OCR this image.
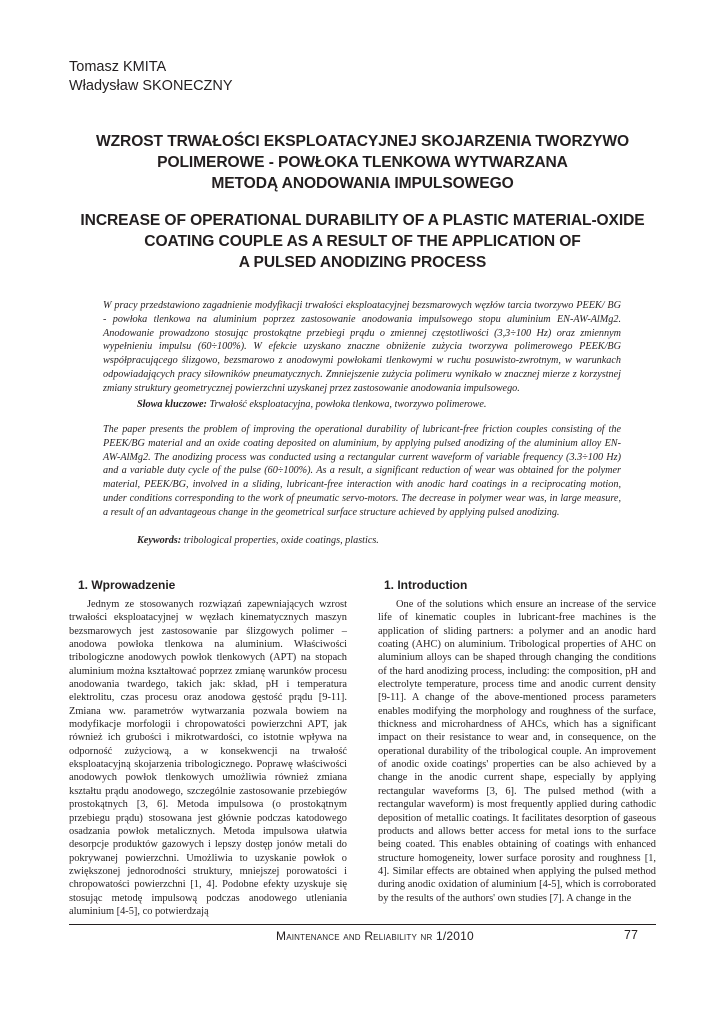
Tomasz KMITA
Władysław SKONECZNY
WZROST TRWAŁOŚCI EKSPLOATACYJNEJ SKOJARZENIA TWORZYWO
POLIMEROWE - POWŁOKA TLENKOWA WYTWARZANA
METODĄ ANODOWANIA IMPULSOWEGO
INCREASE OF OPERATIONAL DURABILITY OF A PLASTIC MATERIAL-OXIDE
COATING COUPLE AS A RESULT OF THE APPLICATION OF
A PULSED ANODIZING PROCESS
W pracy przedstawiono zagadnienie modyfikacji trwałości eksploatacyjnej bezsmarowych węzłów tarcia tworzywo PEEK/ BG - powłoka tlenkowa na aluminium poprzez zastosowanie anodowania impulsowego stopu aluminium EN-AW-AlMg2. Anodowanie prowadzono stosując prostokątne przebiegi prądu o zmiennej częstotliwości (3,3÷100 Hz) oraz zmiennym wypełnieniu impulsu (60÷100%). W efekcie uzyskano znaczne obniżenie zużycia tworzywa polimerowego PEEK/BG współpracującego ślizgowo, bezsmarowo z anodowymi powłokami tlenkowymi w ruchu posuwisto-zwrotnym, w warunkach odpowiadających pracy siłowników pneumatycznych. Zmniejszenie zużycia polimeru wynikało w znacznej mierze z korzystnej zmiany struktury geometrycznej powierzchni uzyskanej przez zastosowanie anodowania impulsowego.
Słowa kluczowe: Trwałość eksploatacyjna, powłoka tlenkowa, tworzywo polimerowe.
The paper presents the problem of improving the operational durability of lubricant-free friction couples consisting of the PEEK/BG material and an oxide coating deposited on aluminium, by applying pulsed anodizing of the aluminium alloy EN-AW-AlMg2. The anodizing process was conducted using a rectangular current waveform of variable frequency (3.3÷100 Hz) and a variable duty cycle of the pulse (60÷100%). As a result, a significant reduction of wear was obtained for the polymer material, PEEK/BG, involved in a sliding, lubricant-free interaction with anodic hard coatings in a reciprocating motion, under conditions corresponding to the work of pneumatic servo-motors. The decrease in polymer wear was, in large measure, a result of an advantageous change in the geometrical surface structure achieved by applying pulsed anodizing.
Keywords: tribological properties, oxide coatings, plastics.
1. Wprowadzenie	1. Introduction

Jednym ze stosowanych rozwiązań zapewniających wzrost trwałości eksploatacyjnej w węzłach kinematycznych maszyn bezsmarowych jest zastosowanie par ślizgowych polimer – anodowa powłoka tlenkowa na aluminium. Właściwości tribologiczne anodowych powłok tlenkowych (APT) na stopach aluminium można kształtować poprzez zmianę warunków procesu anodowania twardego, takich jak: skład, pH i temperatura elektrolitu, czas procesu oraz anodowa gęstość prądu [9-11]. Zmiana ww. parametrów wytwarzania pozwala bowiem na modyfikacje morfologii i chropowatości powierzchni APT, jak również ich grubości i mikrotwardości, co istotnie wpływa na odporność zużyciową, a w konsekwencji na trwałość eksploatacyjną skojarzenia tribologicznego. Poprawę właściwości anodowych powłok tlenkowych umożliwia również zmiana kształtu prądu anodowego, szczególnie zastosowanie przebiegów prostokątnych [3, 6]. Metoda impulsowa (o prostokątnym przebiegu prądu) stosowana jest głównie podczas katodowego osadzania powłok metalicznych. Metoda impulsowa ułatwia desorpcje produktów gazowych i lepszy dostęp jonów metali do pokrywanej powierzchni. Umożliwia to uzyskanie powłok o zwiększonej jednorodności struktury, mniejszej porowatości i chropowatości powierzchni [1, 4]. Podobne efekty uzyskuje się stosując metodę impulsową podczas anodowego utleniania aluminium [4-5], co potwierdzają

One of the solutions which ensure an increase of the service life of kinematic couples in lubricant-free machines is the application of sliding partners: a polymer and an anodic hard coating (AHC) on aluminium. Tribological properties of AHC on aluminium alloys can be shaped through changing the conditions of the hard anodizing process, including: the composition, pH and electrolyte temperature, process time and anodic current density [9-11]. A change of the above-mentioned process parameters enables modifying the morphology and roughness of the surface, thickness and microhardness of AHCs, which has a significant impact on their resistance to wear and, in consequence, on the operational durability of the tribological couple. An improvement of anodic oxide coatings' properties can be also achieved by a change in the anodic current shape, especially by applying rectangular waveforms [3, 6]. The pulsed method (with a rectangular waveform) is most frequently applied during cathodic deposition of metallic coatings. It facilitates desorption of gaseous products and allows better access for metal ions to the surface being coated. This enables obtaining of coatings with enhanced structure homogeneity, lower surface porosity and roughness [1, 4]. Similar effects are obtained when applying the pulsed method during anodic oxidation of aluminium [4-5], which is corroborated by the results of the authors' own studies [7]. A change in the

Maintenance and Reliability nr 1/2010	77
